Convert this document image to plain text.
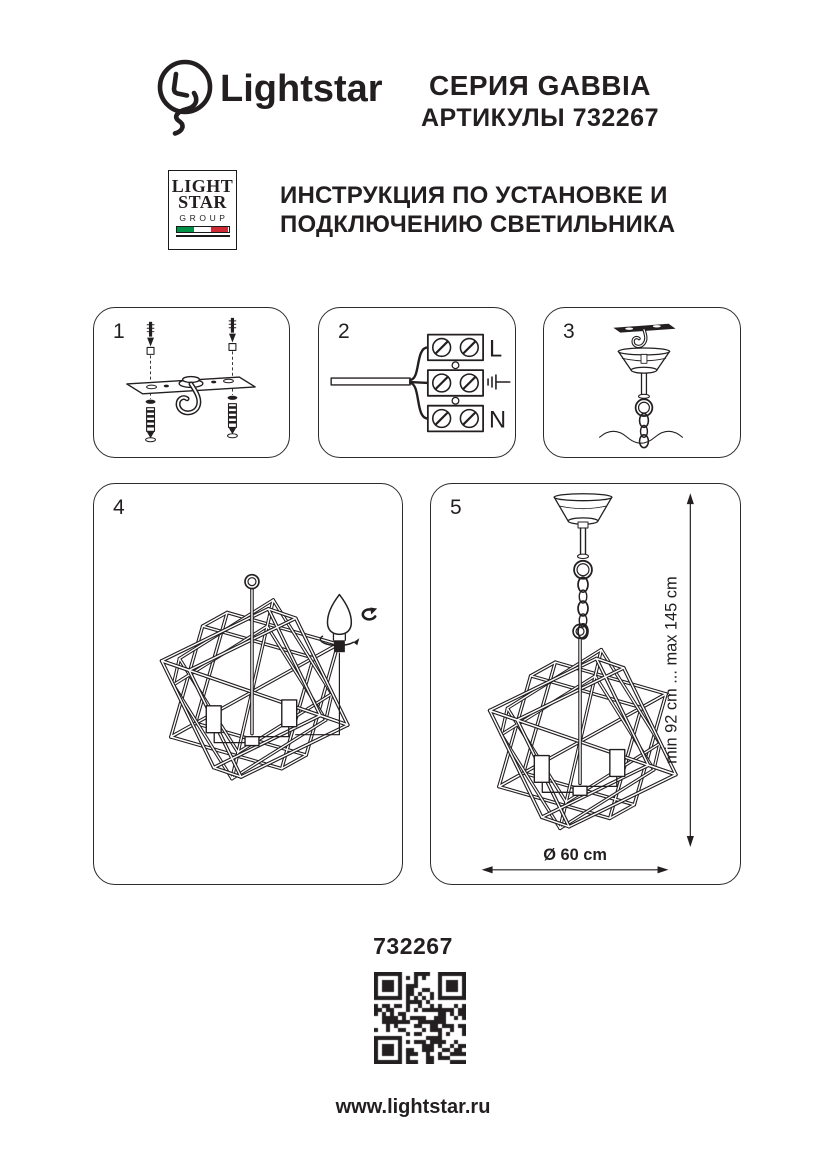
Lightstar	СЕРИЯ GABBIA
АРТИКУЛЫ 732267
LIGHT
STAR
GROUP
ИНСТРУКЦИЯ ПО УСТАНОВКЕ И
ПОДКЛЮЧЕНИЮ СВЕТИЛЬНИКА
1	2
L
N
3
4	5
min 92 cm ... max 145 cm
Ø 60 cm
732267
www.lightstar.ru
